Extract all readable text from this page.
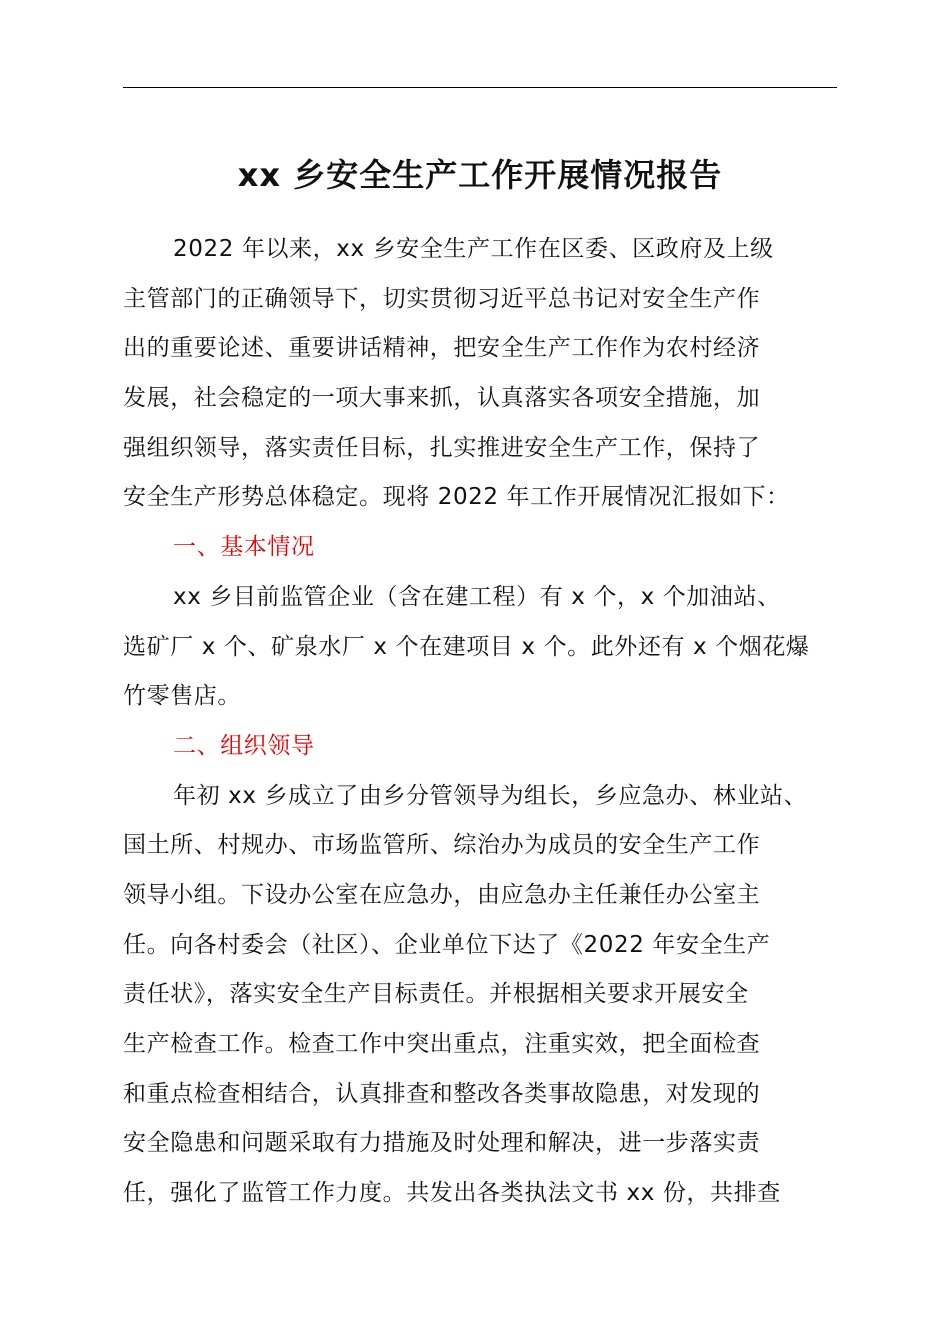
xx 乡安全生产工作开展情况报告
2022 年以来，xx 乡安全生产工作在区委、区政府及上级
主管部门的正确领导下，切实贯彻习近平总书记对安全生产作
出的重要论述、重要讲话精神，把安全生产工作作为农村经济
发展，社会稳定的一项大事来抓，认真落实各项安全措施，加
强组织领导，落实责任目标，扎实推进安全生产工作，保持了
安全生产形势总体稳定。现将 2022 年工作开展情况汇报如下：
一、基本情况
xx 乡目前监管企业（含在建工程）有 x 个，x 个加油站、
选矿厂 x 个、矿泉水厂 x 个在建项目 x 个。此外还有 x 个烟花爆
竹零售店。
二、组织领导
年初 xx 乡成立了由乡分管领导为组长，乡应急办、林业站、
国土所、村规办、市场监管所、综治办为成员的安全生产工作
领导小组。下设办公室在应急办，由应急办主任兼任办公室主
任。向各村委会（社区）、企业单位下达了《2022 年安全生产
责任状》，落实安全生产目标责任。并根据相关要求开展安全
生产检查工作。检查工作中突出重点，注重实效，把全面检查
和重点检查相结合，认真排查和整改各类事故隐患，对发现的
安全隐患和问题采取有力措施及时处理和解决，进一步落实责
任，强化了监管工作力度。共发出各类执法文书 xx 份，共排查
